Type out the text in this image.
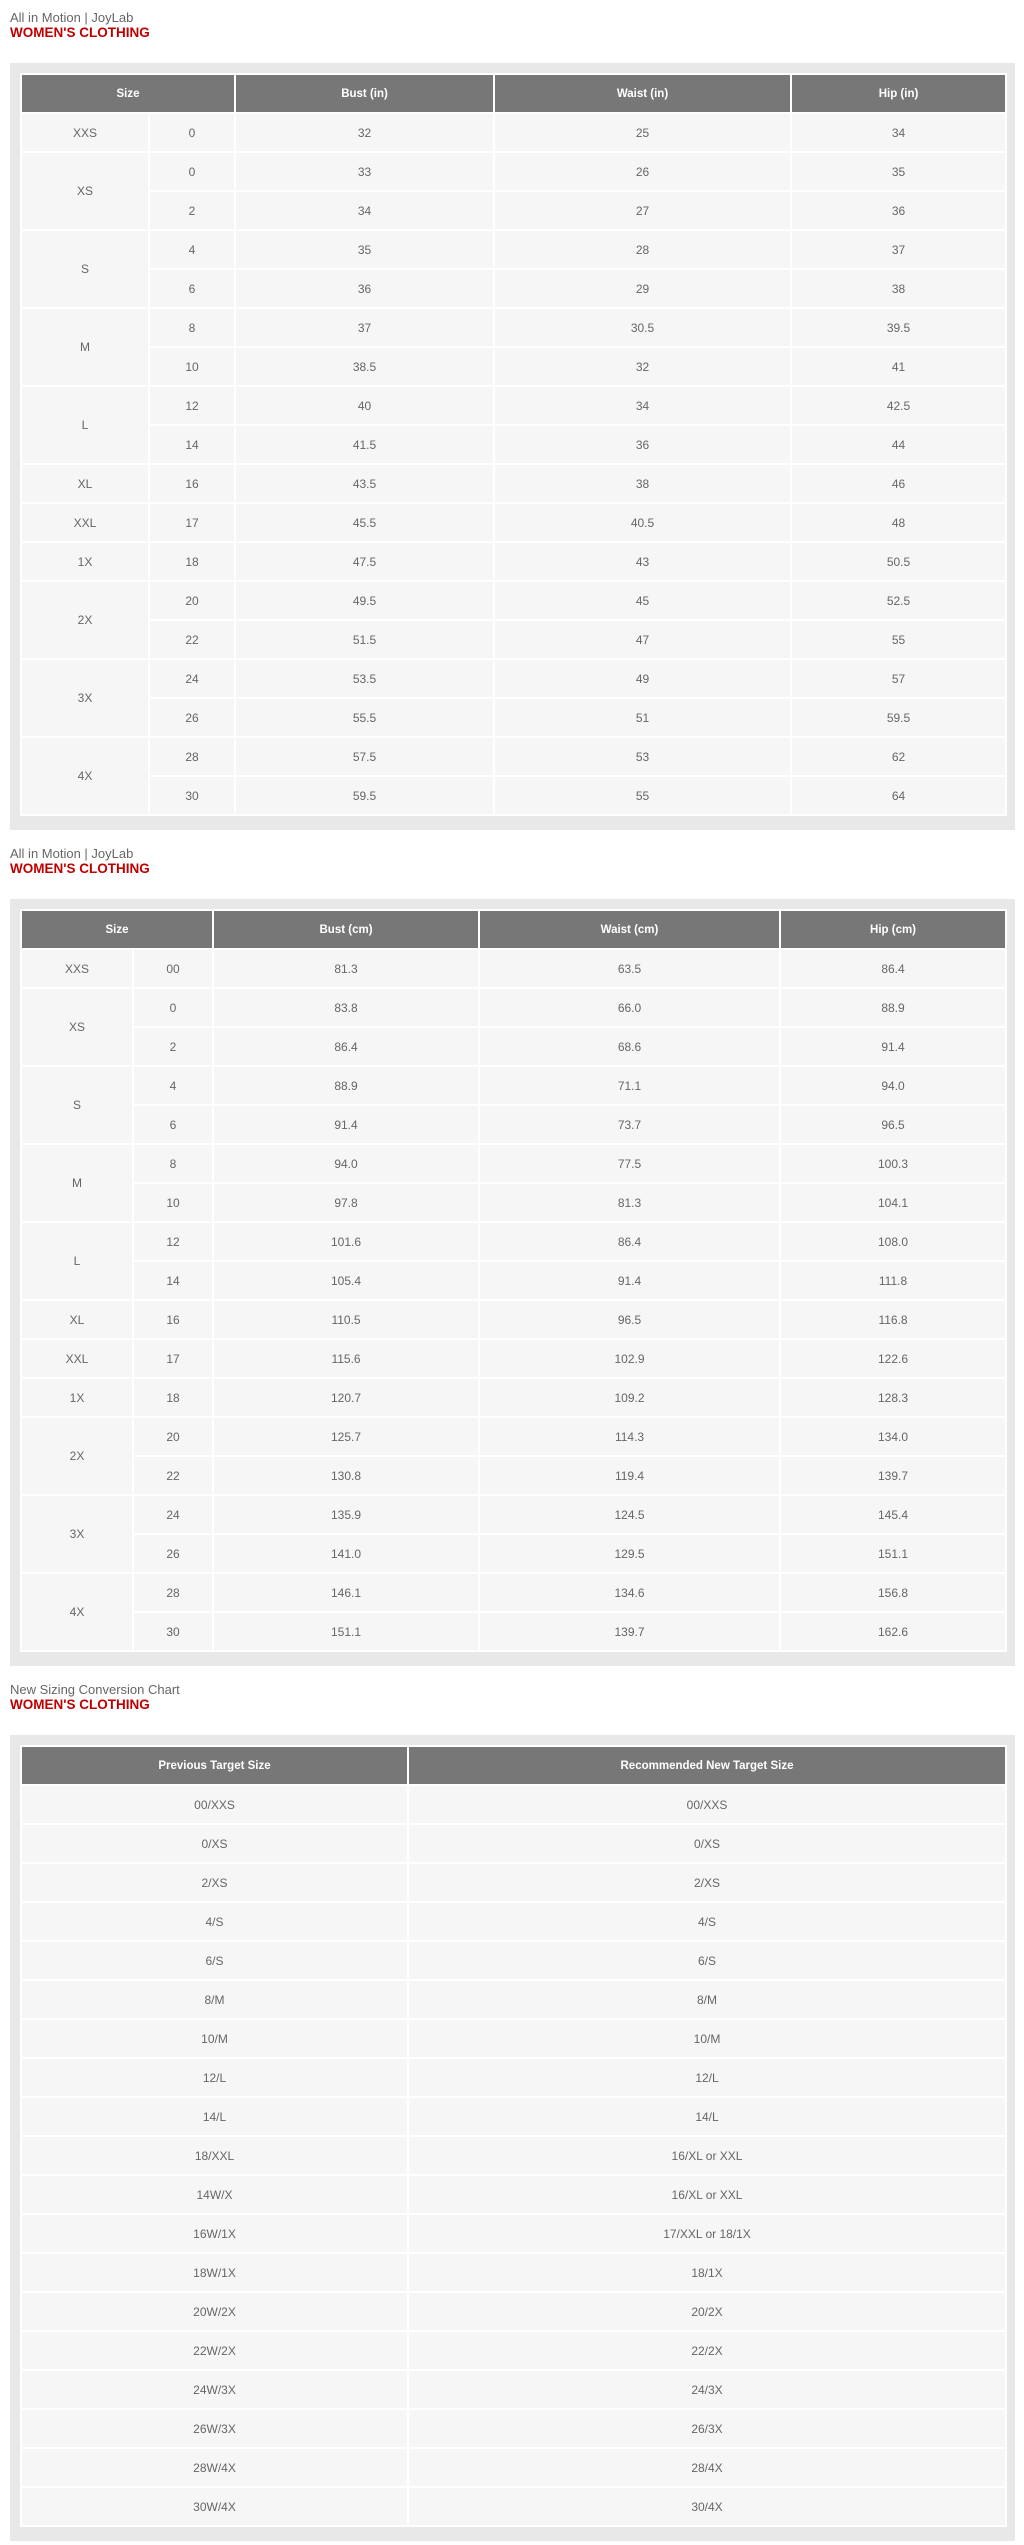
All in Motion | JoyLab
WOMEN'S CLOTHING
Size		Bust (in)	Waist (in)	Hip (in)
XXS	0	32	25	34
XS	0	33	26	35
	2	34	27	36
S	4	35	28	37
	6	36	29	38
M	8	37	30.5	39.5
	10	38.5	32	41
L	12	40	34	42.5
	14	41.5	36	44
XL	16	43.5	38	46
XXL	17	45.5	40.5	48
1X	18	47.5	43	50.5
2X	20	49.5	45	52.5
	22	51.5	47	55
3X	24	53.5	49	57
	26	55.5	51	59.5
4X	28	57.5	53	62
	30	59.5	55	64
All in Motion | JoyLab
WOMEN'S CLOTHING
Size		Bust (cm)	Waist (cm)	Hip (cm)
XXS	00	81.3	63.5	86.4
XS	0	83.8	66.0	88.9
	2	86.4	68.6	91.4
S	4	88.9	71.1	94.0
	6	91.4	73.7	96.5
M	8	94.0	77.5	100.3
	10	97.8	81.3	104.1
L	12	101.6	86.4	108.0
	14	105.4	91.4	111.8
XL	16	110.5	96.5	116.8
XXL	17	115.6	102.9	122.6
1X	18	120.7	109.2	128.3
2X	20	125.7	114.3	134.0
	22	130.8	119.4	139.7
3X	24	135.9	124.5	145.4
	26	141.0	129.5	151.1
4X	28	146.1	134.6	156.8
	30	151.1	139.7	162.6
New Sizing Conversion Chart
WOMEN'S CLOTHING
Previous Target Size	Recommended New Target Size
00/XXS	00/XXS
0/XS	0/XS
2/XS	2/XS
4/S	4/S
6/S	6/S
8/M	8/M
10/M	10/M
12/L	12/L
14/L	14/L
18/XXL	16/XL or XXL
14W/X	16/XL or XXL
16W/1X	17/XXL or 18/1X
18W/1X	18/1X
20W/2X	20/2X
22W/2X	22/2X
24W/3X	24/3X
26W/3X	26/3X
28W/4X	28/4X
30W/4X	30/4X
